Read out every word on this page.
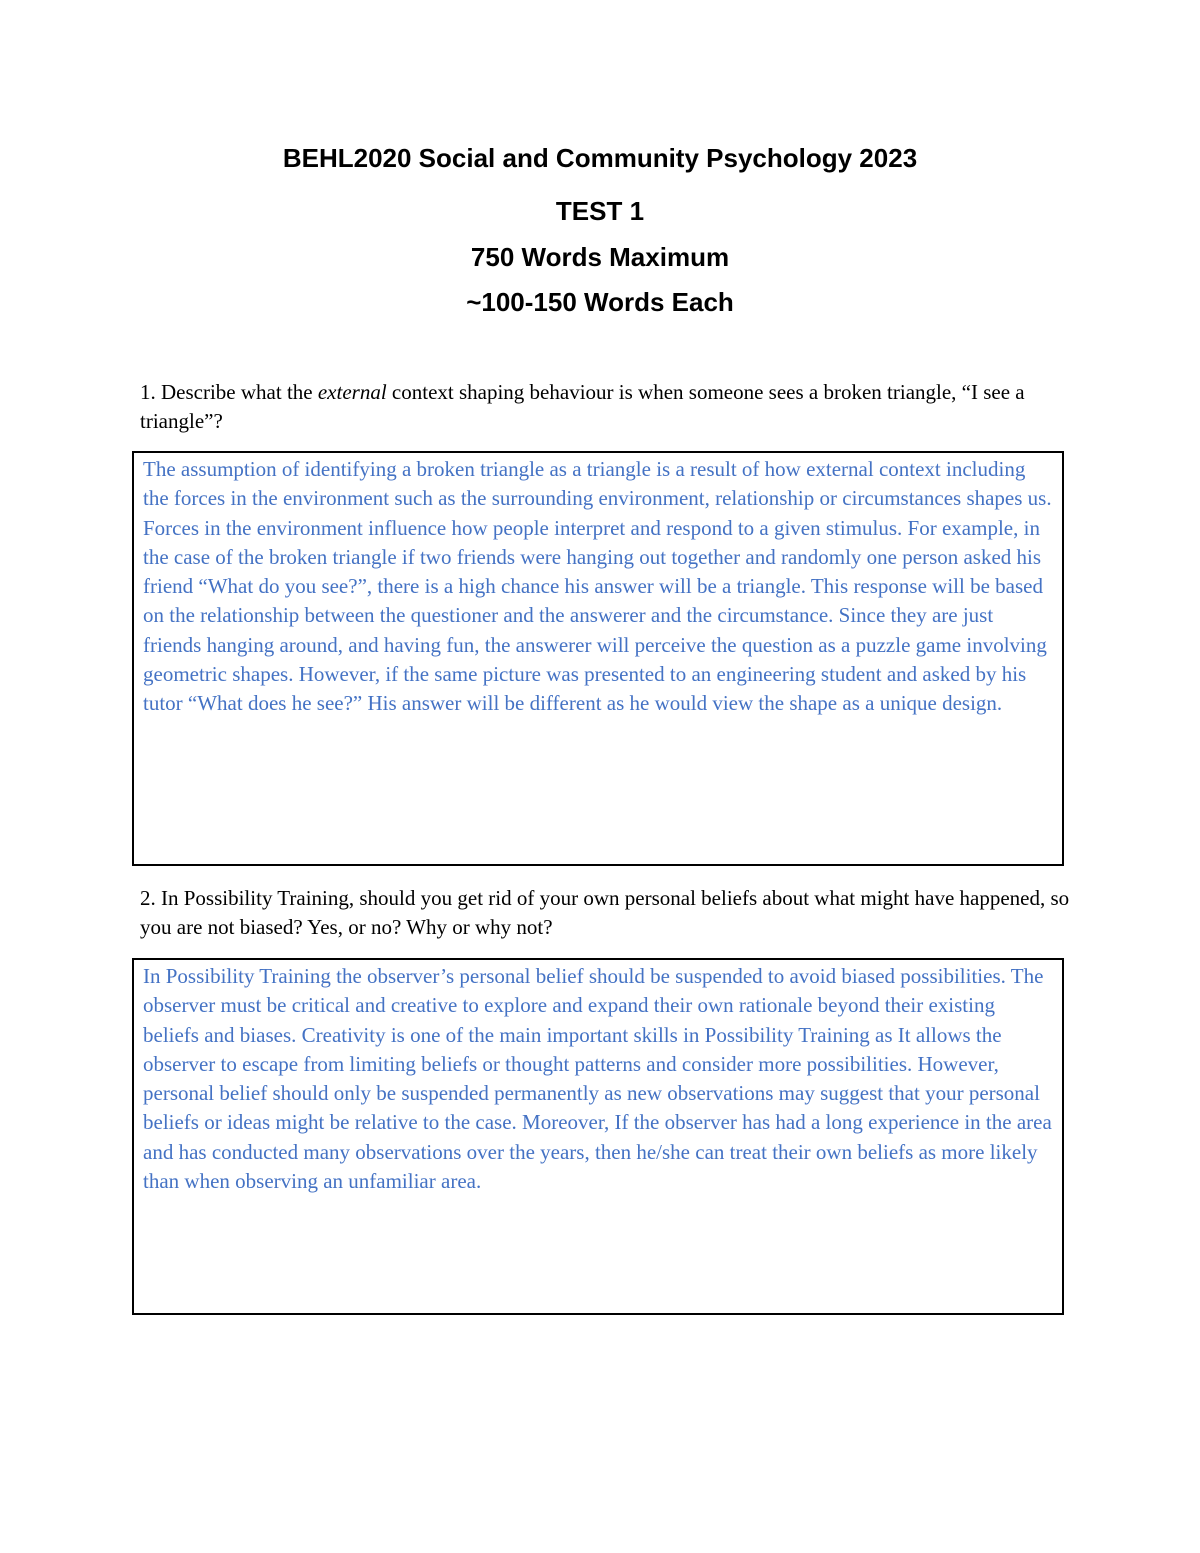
BEHL2020 Social and Community Psychology 2023
TEST 1
750 Words Maximum
~100-150 Words Each

1. Describe what the external context shaping behaviour is when someone sees a broken triangle, “I see a triangle”?

The assumption of identifying a broken triangle as a triangle is a result of how external context including the forces in the environment such as the surrounding environment, relationship or circumstances shapes us. Forces in the environment influence how people interpret and respond to a given stimulus. For example, in the case of the broken triangle if two friends were hanging out together and randomly one person asked his friend “What do you see?”, there is a high chance his answer will be a triangle. This response will be based on the relationship between the questioner and the answerer and the circumstance. Since they are just friends hanging around, and having fun, the answerer will perceive the question as a puzzle game involving geometric shapes. However, if the same picture was presented to an engineering student and asked by his tutor “What does he see?” His answer will be different as he would view the shape as a unique design.

2. In Possibility Training, should you get rid of your own personal beliefs about what might have happened, so you are not biased? Yes, or no? Why or why not?

In Possibility Training the observer’s personal belief should be suspended to avoid biased possibilities. The observer must be critical and creative to explore and expand their own rationale beyond their existing beliefs and biases. Creativity is one of the main important skills in Possibility Training as It allows the observer to escape from limiting beliefs or thought patterns and consider more possibilities. However, personal belief should only be suspended permanently as new observations may suggest that your personal beliefs or ideas might be relative to the case. Moreover, If the observer has had a long experience in the area and has conducted many observations over the years, then he/she can treat their own beliefs as more likely than when observing an unfamiliar area.
